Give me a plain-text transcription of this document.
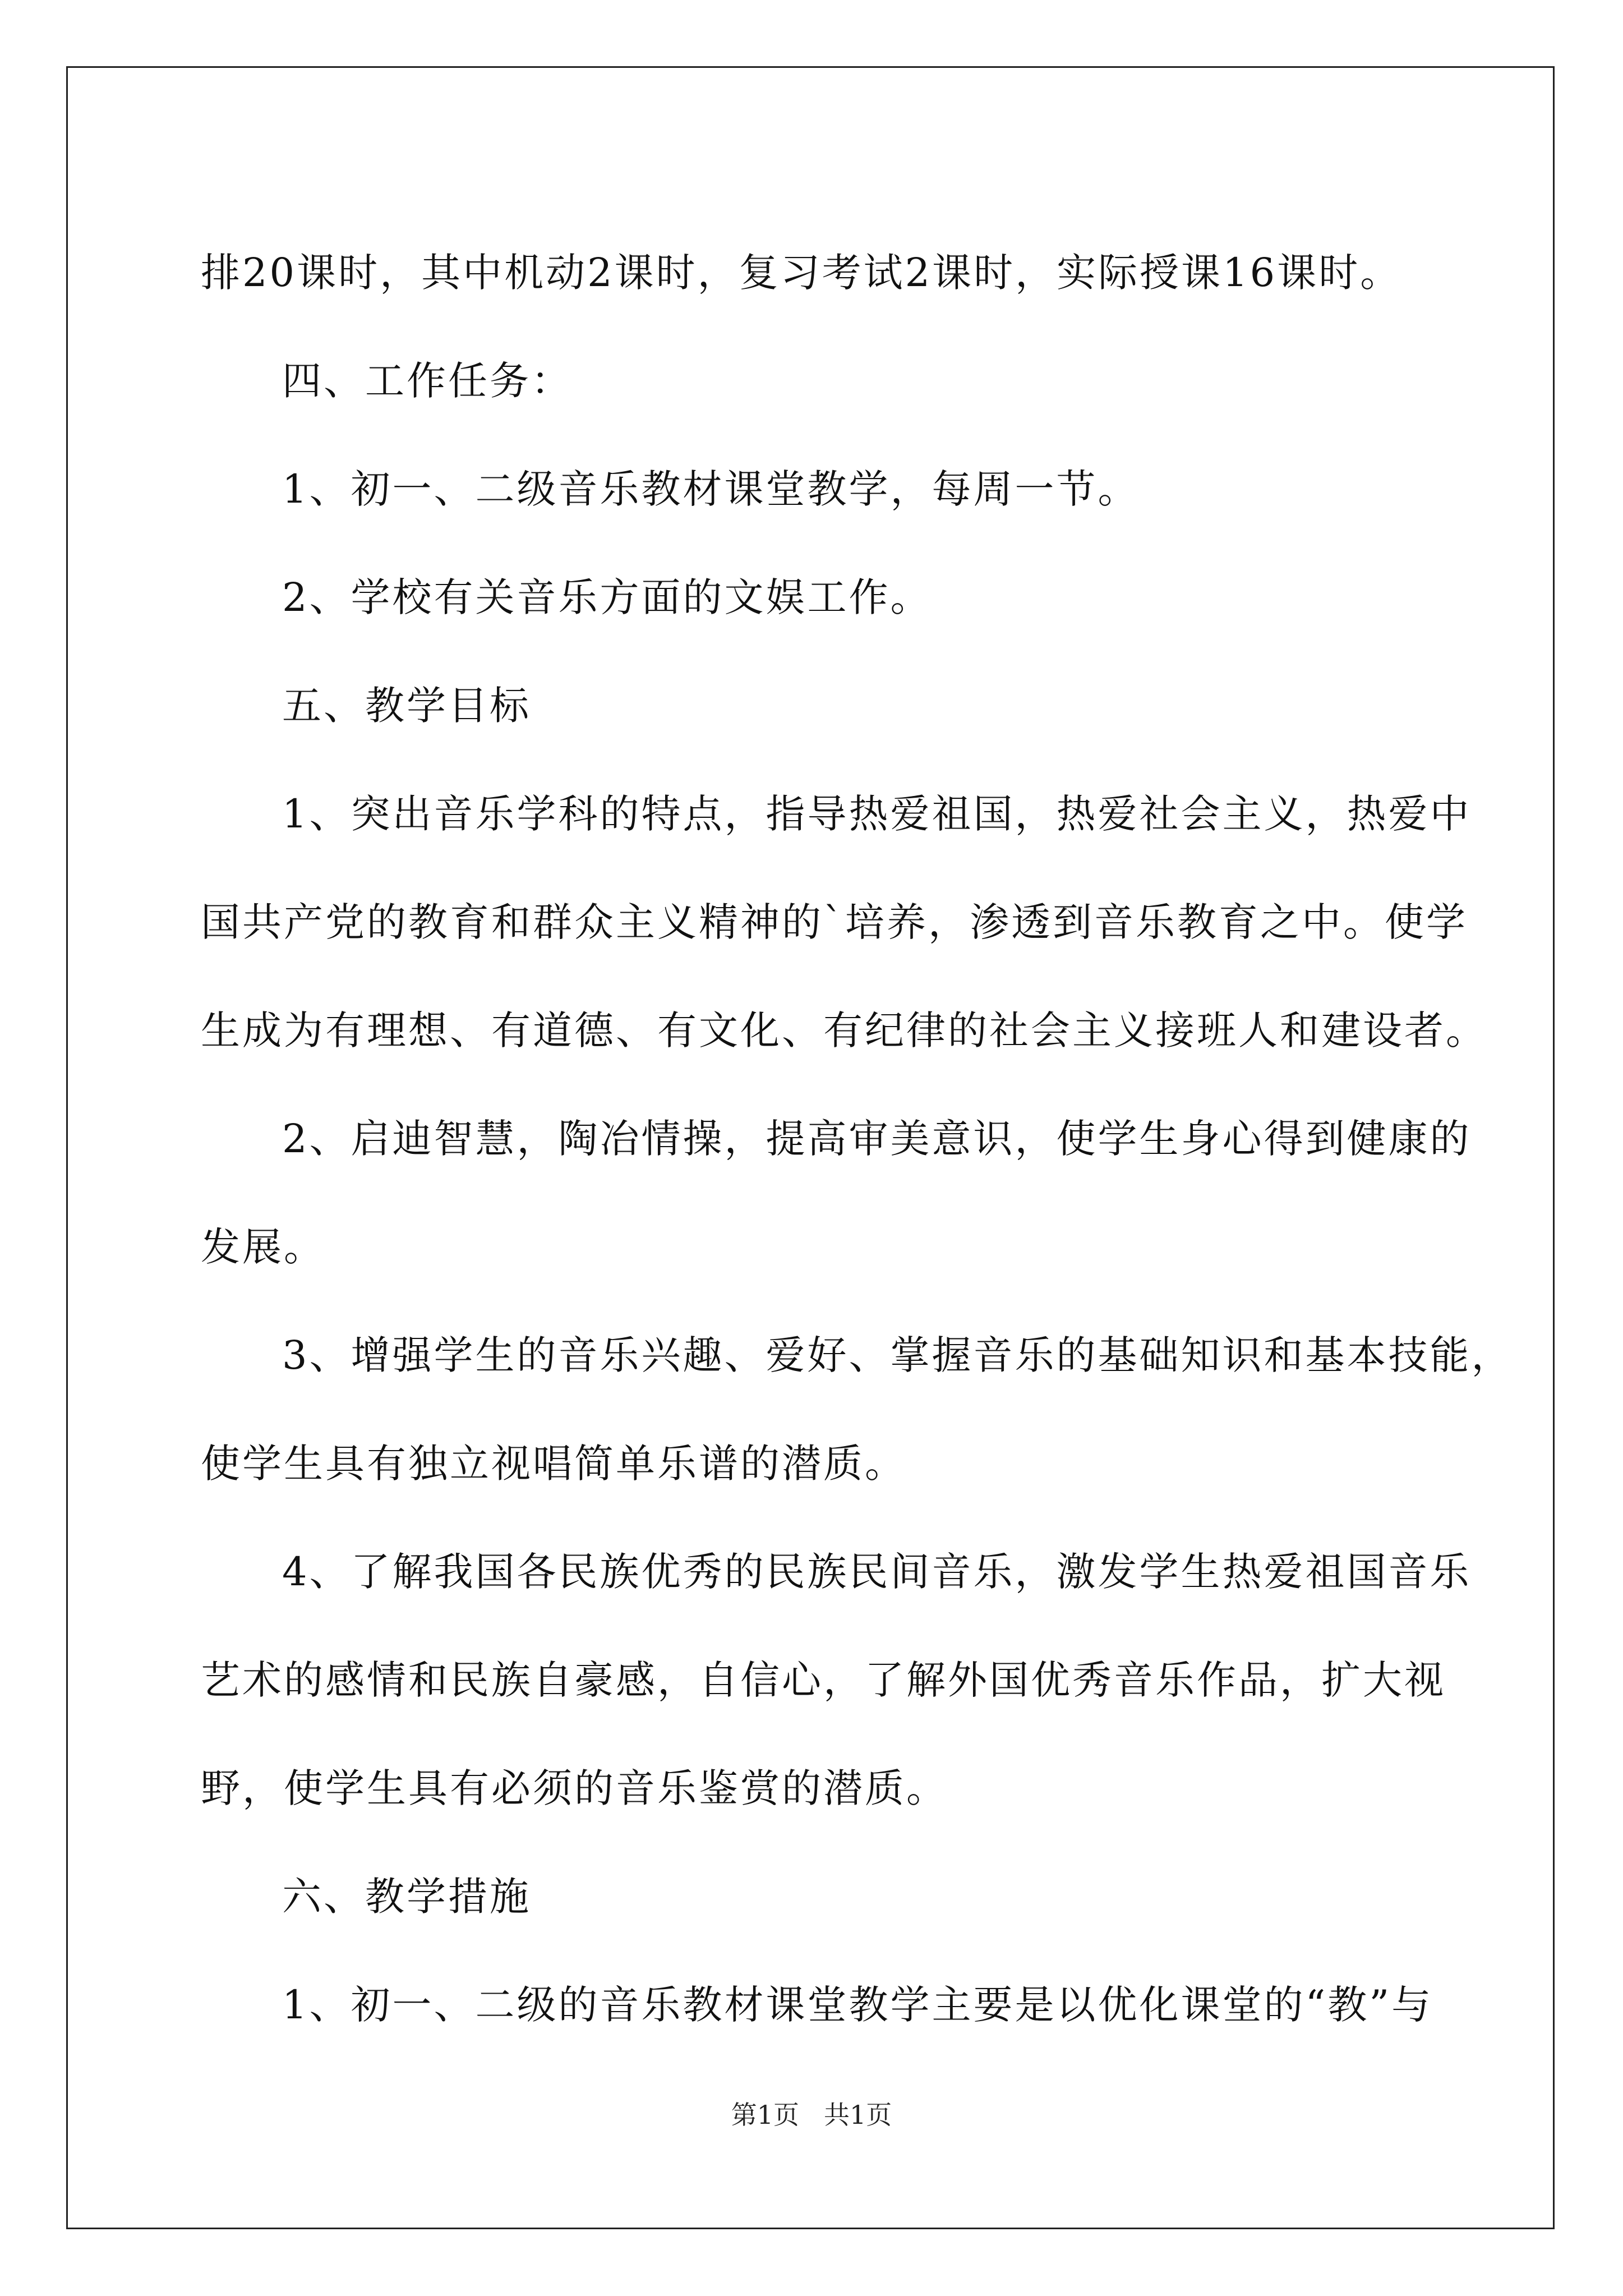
排20课时，其中机动2课时，复习考试2课时，实际授课16课时。

四、工作任务：

1、初一、二级音乐教材课堂教学，每周一节。

2、学校有关音乐方面的文娱工作。

五、教学目标

1、突出音乐学科的特点，指导热爱祖国，热爱社会主义，热爱中

国共产党的教育和群众主义精神的`培养，渗透到音乐教育之中。使学

生成为有理想、有道德、有文化、有纪律的社会主义接班人和建设者。

2、启迪智慧，陶冶情操，提高审美意识，使学生身心得到健康的

发展。

3、增强学生的音乐兴趣、爱好、掌握音乐的基础知识和基本技能，

使学生具有独立视唱简单乐谱的潜质。

4、了解我国各民族优秀的民族民间音乐，激发学生热爱祖国音乐

艺术的感情和民族自豪感，自信心，了解外国优秀音乐作品，扩大视

野，使学生具有必须的音乐鉴赏的潜质。

六、教学措施

1、初一、二级的音乐教材课堂教学主要是以优化课堂的“教”与

第1页 共1页
